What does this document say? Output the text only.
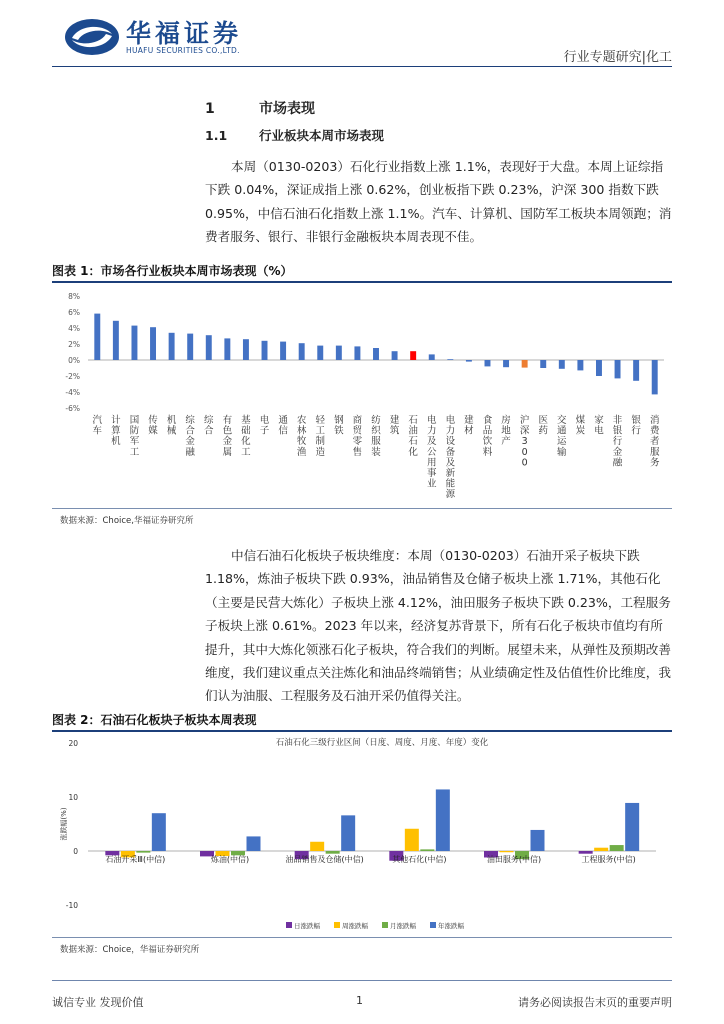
华福证券
HUAFU SECURITIES CO.,LTD.	行业专题研究|化工
1	市场表现
1.1	行业板块本周市场表现

本周（0130-0203）石化行业指数上涨 1.1%，表现好于大盘。本周上证综指下跌 0.04%，深证成指上涨 0.62%，创业板指下跌 0.23%，沪深 300 指数下跌 0.95%，中信石油石化指数上涨 1.1%。汽车、计算机、国防军工板块本周领跑；消费者服务、银行、非银行金融板块本周表现不佳。

图表 1：市场各行业板块本周市场表现（%）
8%
6%
4%
2%
0%
-2%
-4%
-6%
汽车
计算机
国防军工
传媒
机械
综合金融
综合
有色金属
基础化工
电子
通信
农林牧渔
轻工制造
钢铁
商贸零售
纺织服装
建筑
石油石化
电力及公用事业
电力设备及新能源
建材
食品饮料
房地产
沪深 3 0 0
医药
交通运输
煤炭
家电
非银行金融
银行
消费者服务
数据来源：Choice,华福证券研究所

中信石油石化板块子板块维度：本周（0130-0203）石油开采子板块下跌 1.18%，炼油子板块下跌 0.93%，油品销售及仓储子板块上涨 1.71%，其他石化（主要是民营大炼化）子板块上涨 4.12%，油田服务子板块下跌 0.23%，工程服务子板块上涨 0.61%。2023 年以来，经济复苏背景下，所有石化子板块市值均有所提升，其中大炼化领涨石化子板块，符合我们的判断。展望未来，从弹性及预期改善维度，我们建议重点关注炼化和油品终端销售；从业绩确定性及估值性价比维度，我们认为油服、工程服务及石油开采仍值得关注。

图表 2：石油石化板块子板块本周表现
石油石化三级行业区间（日度、周度、月度、年度）变化
20
10
0
-10
涨跌幅(%)
石油开采Ⅲ(中信)	炼油(中信)	油品销售及仓储(中信)	其他石化(中信)	油田服务(中信)	工程服务(中信)
日涨跌幅	周涨跌幅	月涨跌幅	年涨跌幅
数据来源：Choice，华福证券研究所
诚信专业 发现价值	1	请务必阅读报告末页的重要声明
